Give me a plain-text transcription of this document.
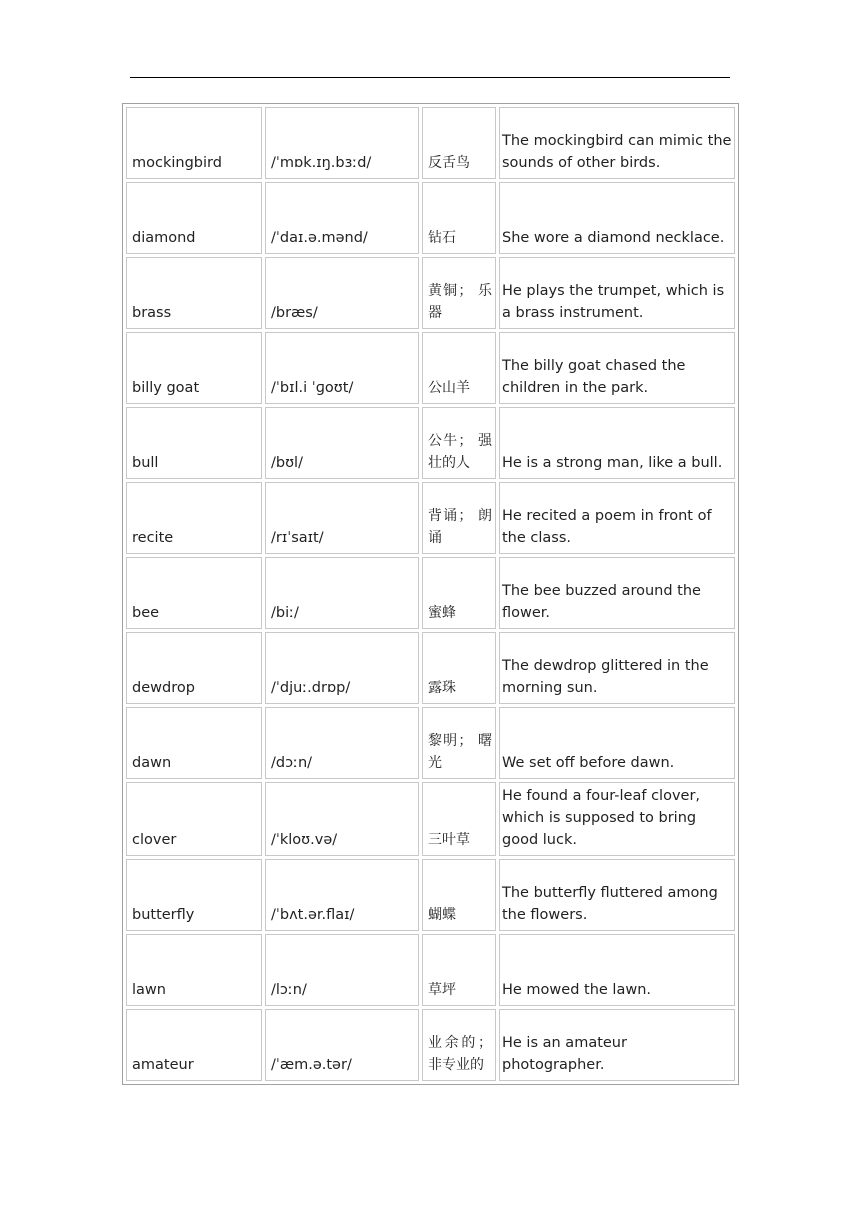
mockingbird	/ˈmɒk.ɪŋ.bɜːd/	反舌鸟	The mockingbird can mimic the sounds of other birds.
diamond	/ˈdaɪ.ə.mənd/	钻石	She wore a diamond necklace.
brass	/bræs/	黄铜； 乐器	He plays the trumpet, which is a brass instrument.
billy goat	/ˈbɪl.i ˈɡoʊt/	公山羊	The billy goat chased the children in the park.
bull	/bʊl/	公牛； 强壮的人	He is a strong man, like a bull.
recite	/rɪˈsaɪt/	背诵； 朗诵	He recited a poem in front of the class.
bee	/biː/	蜜蜂	The bee buzzed around the flower.
dewdrop	/ˈdjuː.drɒp/	露珠	The dewdrop glittered in the morning sun.
dawn	/dɔːn/	黎明； 曙光	We set off before dawn.
clover	/ˈkloʊ.və/	三叶草	He found a four-leaf clover, which is supposed to bring good luck.
butterfly	/ˈbʌt.ər.flaɪ/	蝴蝶	The butterfly fluttered among the flowers.
lawn	/lɔːn/	草坪	He mowed the lawn.
amateur	/ˈæm.ə.tər/	业余的； 非专业的	He is an amateur photographer.
